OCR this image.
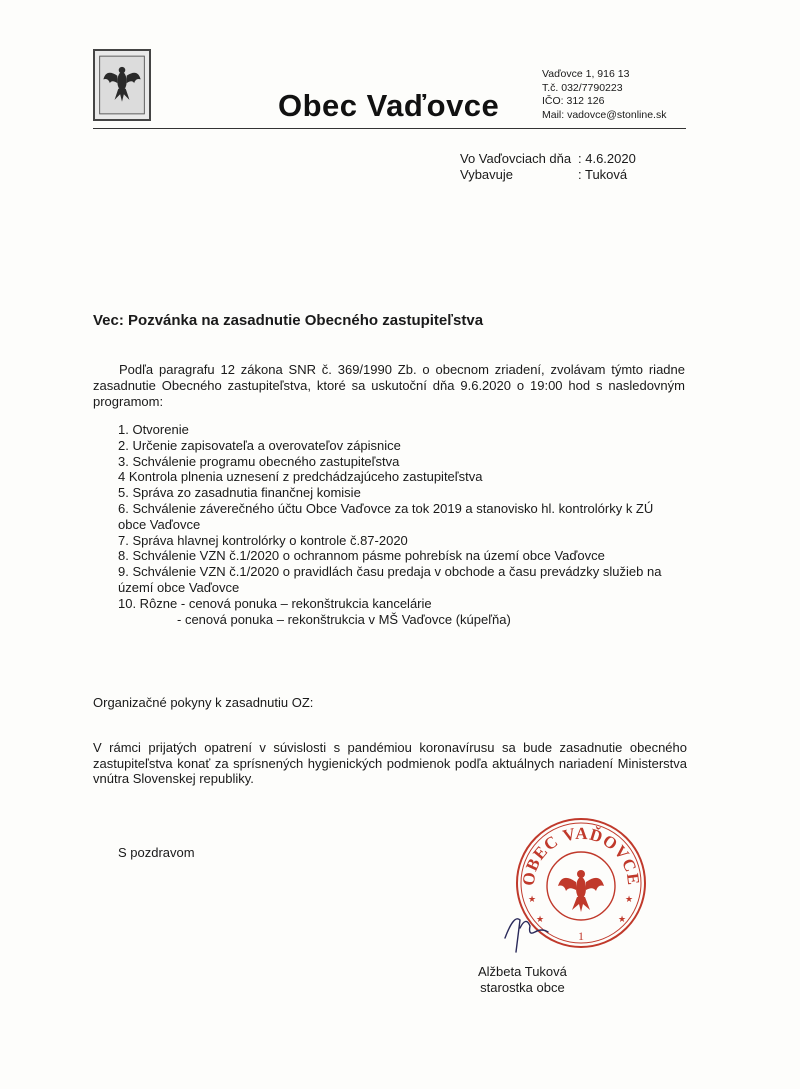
Obec Vaďovce
Vaďovce 1, 916 13
T.č. 032/7790223
IČO: 312 126
Mail: vadovce@stonline.sk
Vo Vaďovciach dňa : 4.6.2020
Vybavuje	: Tuková
Vec: Pozvánka na zasadnutie Obecného zastupiteľstva
Podľa paragrafu 12 zákona SNR č. 369/1990 Zb. o obecnom zriadení, zvolávam týmto riadne zasadnutie Obecného zastupiteľstva, ktoré sa uskutoční dňa 9.6.2020 o 19:00 hod s nasledovným programom:
1. Otvorenie
2. Určenie zapisovateľa a overovateľov zápisnice
3. Schválenie programu obecného zastupiteľstva
4 Kontrola plnenia uznesení z predchádzajúceho zastupiteľstva
5. Správa zo zasadnutia finančnej komisie
6. Schválenie záverečného účtu Obce Vaďovce za tok 2019 a stanovisko hl. kontrolórky k ZÚ obce Vaďovce
7. Správa hlavnej kontrolórky o kontrole č.87-2020
8. Schválenie VZN č.1/2020 o ochrannom pásme pohrebísk na území obce Vaďovce
9. Schválenie VZN č.1/2020 o pravidlách času predaja v obchode a času prevádzky služieb na území obce Vaďovce
10. Rôzne - cenová ponuka – rekonštrukcia kancelárie
- cenová ponuka – rekonštrukcia v MŠ Vaďovce (kúpeľňa)
Organizačné pokyny k zasadnutiu OZ:
V rámci prijatých opatrení v súvislosti s pandémiou koronavírusu sa bude zasadnutie obecného zastupiteľstva konať za sprísnených hygienických podmienok podľa aktuálnych nariadení Ministerstva vnútra Slovenskej republiky.
S pozdravom
OBEC VAĎOVCE
★
★
★
★
1
Alžbeta Tuková
starostka obce
